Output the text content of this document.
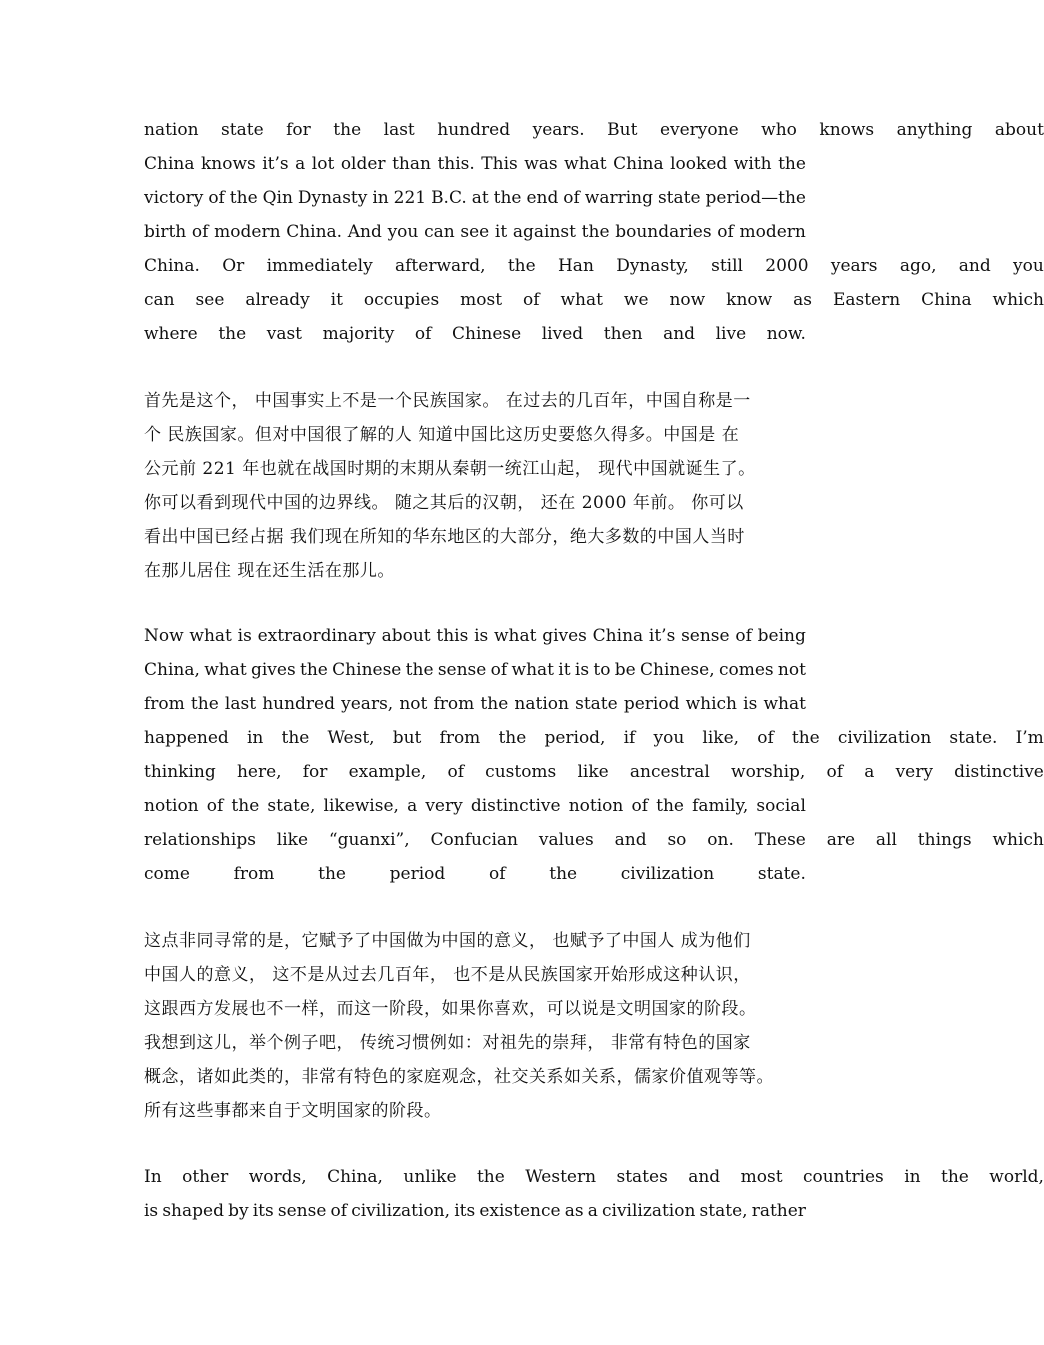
nation state for the last hundred years. But everyone who knows anything about
China knows it’s a lot older than this. This was what China looked with the
victory of the Qin Dynasty in 221 B.C. at the end of warring state period—the
birth of modern China. And you can see it against the boundaries of modern
China. Or immediately afterward, the Han Dynasty, still 2000 years ago, and you
can see already it occupies most of what we now know as Eastern China which
where the vast majority of Chinese lived then and live now.
首先是这个， 中国事实上不是一个民族国家。 在过去的几百年，中国自称是一
个 民族国家。但对中国很了解的人 知道中国比这历史要悠久得多。中国是 在
公元前 221 年也就在战国时期的末期从秦朝一统江山起， 现代中国就诞生了。
你可以看到现代中国的边界线。 随之其后的汉朝， 还在 2000 年前。 你可以
看出中国已经占据 我们现在所知的华东地区的大部分，绝大多数的中国人当时
在那儿居住 现在还生活在那儿。
Now what is extraordinary about this is what gives China it’s sense of being
China, what gives the Chinese the sense of what it is to be Chinese, comes not
from the last hundred years, not from the nation state period which is what
happened in the West, but from the period, if you like, of the civilization state. I’m
thinking here, for example, of customs like ancestral worship, of a very distinctive
notion of the state, likewise, a very distinctive notion of the family, social
relationships like “guanxi”, Confucian values and so on. These are all things which
come	from	the	period	of	the	civilization	state.
这点非同寻常的是，它赋予了中国做为中国的意义， 也赋予了中国人 成为他们
中国人的意义， 这不是从过去几百年， 也不是从民族国家开始形成这种认识，
这跟西方发展也不一样，而这一阶段，如果你喜欢，可以说是文明国家的阶段。
我想到这儿，举个例子吧， 传统习惯例如：对祖先的崇拜， 非常有特色的国家
概念，诸如此类的，非常有特色的家庭观念，社交关系如关系，儒家价值观等等。
所有这些事都来自于文明国家的阶段。
In other words, China, unlike the Western states and most countries in the world,
is shaped by its sense of civilization, its existence as a civilization state, rather
